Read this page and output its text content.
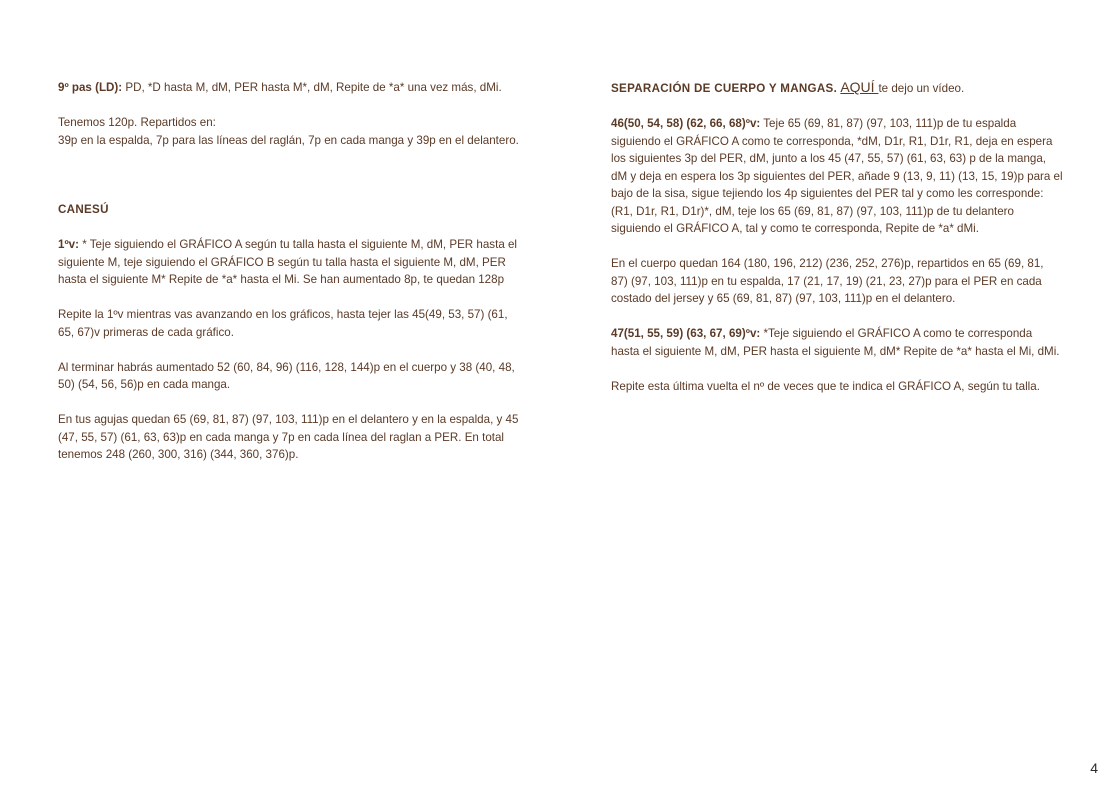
9º pas (LD): PD, *D hasta M, dM, PER hasta M*, dM, Repite de *a* una vez más, dMi.

Tenemos 120p. Repartidos en:
39p en la espalda, 7p para las líneas del raglán, 7p en cada manga y 39p en el delantero.

CANESÚ

1ºv: * Teje siguiendo el GRÁFICO A según tu talla hasta el siguiente M, dM, PER hasta el siguiente M, teje siguiendo el GRÁFICO B según tu talla hasta el siguiente M, dM, PER hasta el siguiente M* Repite de *a* hasta el Mi. Se han aumentado 8p, te quedan 128p

Repite la 1ºv mientras vas avanzando en los gráficos, hasta tejer las 45(49, 53, 57) (61, 65, 67)v primeras de cada gráfico.

Al terminar habrás aumentado 52 (60, 84, 96) (116, 128, 144)p en el cuerpo y 38 (40, 48, 50) (54, 56, 56)p en cada manga.

En tus agujas quedan 65 (69, 81, 87) (97, 103, 111)p en el delantero y en la espalda, y 45 (47, 55, 57) (61, 63, 63)p en cada manga y 7p en cada línea del raglan a PER. En total tenemos 248 (260, 300, 316) (344, 360, 376)p.

SEPARACIÓN DE CUERPO Y MANGAS. AQUÍ te dejo un vídeo.

46(50, 54, 58) (62, 66, 68)ºv: Teje 65 (69, 81, 87) (97, 103, 111)p de tu espalda siguiendo el GRÁFICO A como te corresponda, *dM, D1r, R1, D1r, R1, deja en espera los siguientes 3p del PER, dM, junto a los 45 (47, 55, 57) (61, 63, 63) p de la manga, dM y deja en espera los 3p siguientes del PER, añade 9 (13, 9, 11) (13, 15, 19)p para el bajo de la sisa, sigue tejiendo los 4p siguientes del PER tal y como les corresponde: (R1, D1r, R1, D1r)*, dM, teje los 65 (69, 81, 87) (97, 103, 111)p de tu delantero siguiendo el GRÁFICO A, tal y como te corresponda, Repite de *a* dMi.

En el cuerpo quedan 164 (180, 196, 212) (236, 252, 276)p, repartidos en 65 (69, 81, 87) (97, 103, 111)p en tu espalda, 17 (21, 17, 19) (21, 23, 27)p para el PER en cada costado del jersey y 65 (69, 81, 87) (97, 103, 111)p en el delantero.

47(51, 55, 59) (63, 67, 69)ºv: *Teje siguiendo el GRÁFICO A como te corresponda hasta el siguiente M, dM, PER hasta el siguiente M, dM* Repite de *a* hasta el Mi, dMi.

Repite esta última vuelta el nº de veces que te indica el GRÁFICO A, según tu talla.

4
